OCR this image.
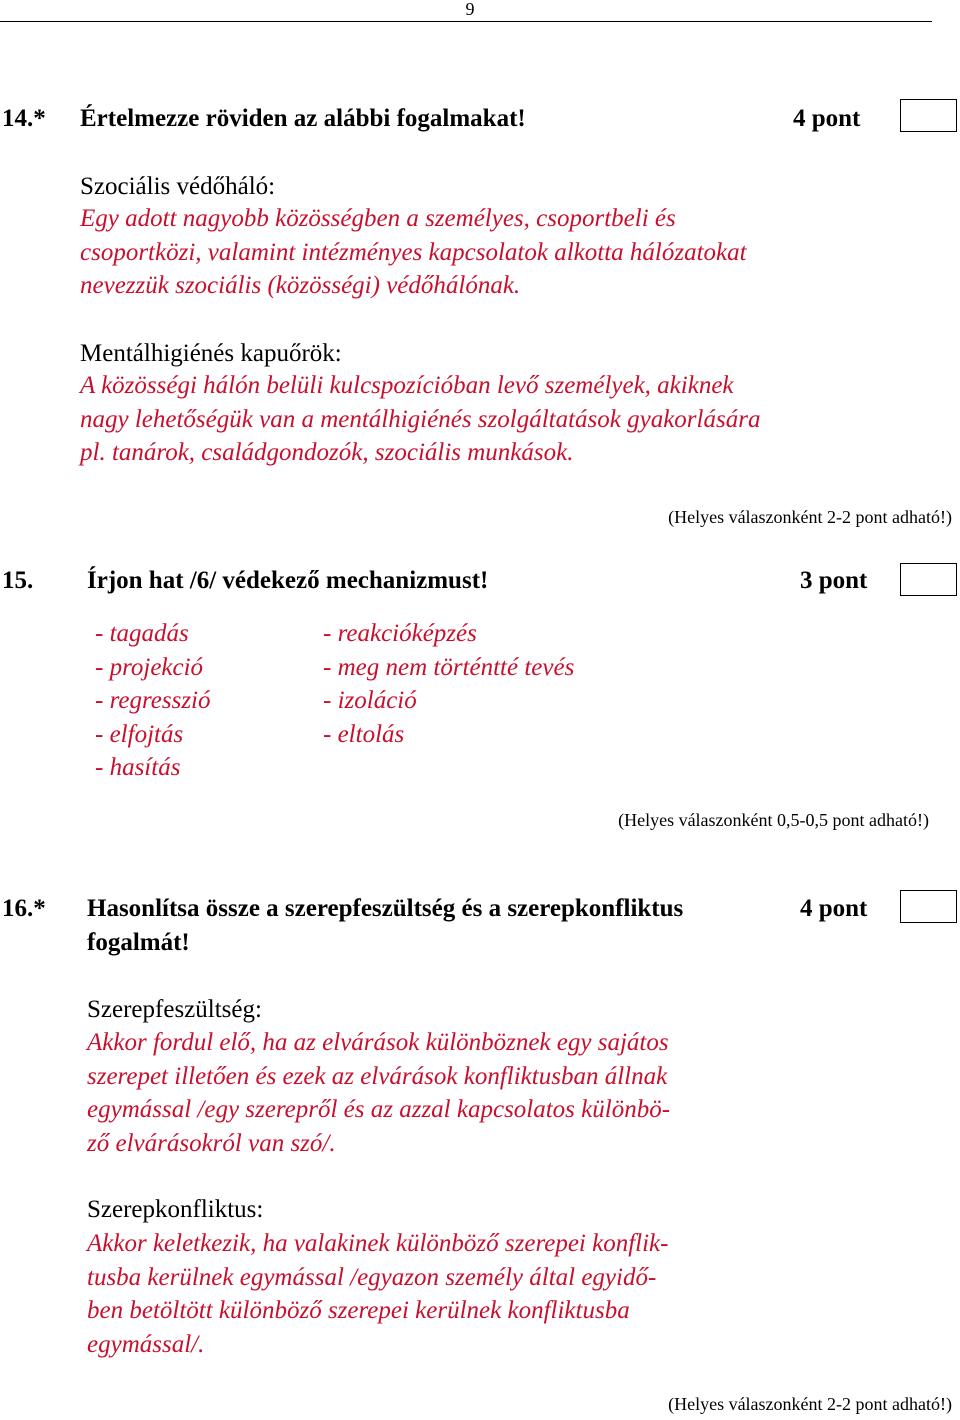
9
14.* Értelmezze röviden az alábbi fogalmakat!	4 pont
Szociális védőháló:
Egy adott nagyobb közösségben a személyes, csoportbeli és
csoportközi, valamint intézményes kapcsolatok alkotta hálózatokat
nevezzük szociális (közösségi) védőhálónak.
Mentálhigiénés kapuőrök:
A közösségi hálón belüli kulcspozícióban levő személyek, akiknek
nagy lehetőségük van a mentálhigiénés szolgáltatások gyakorlására
pl. tanárok, családgondozók, szociális munkások.
(Helyes válaszonként 2-2 pont adható!)
15. Írjon hat /6/ védekező mechanizmust!	3 pont
- tagadás
- projekció
- regresszió
- elfojtás
- hasítás
- reakcióképzés
- meg nem történtté tevés
- izoláció
- eltolás
(Helyes válaszonként 0,5-0,5 pont adható!)
16.* Hasonlítsa össze a szerepfeszültség és a szerepkonfliktus
fogalmát!
4 pont
Szerepfeszültség:
Akkor fordul elő, ha az elvárások különböznek egy sajátos
szerepet illetően és ezek az elvárások konfliktusban állnak
egymással /egy szerepről és az azzal kapcsolatos különbö-
ző elvárásokról van szó/.
Szerepkonfliktus:
Akkor keletkezik, ha valakinek különböző szerepei konflik-
tusba kerülnek egymással /egyazon személy által egyidő-
ben betöltött különböző szerepei kerülnek konfliktusba
egymással/.
(Helyes válaszonként 2-2 pont adható!)
